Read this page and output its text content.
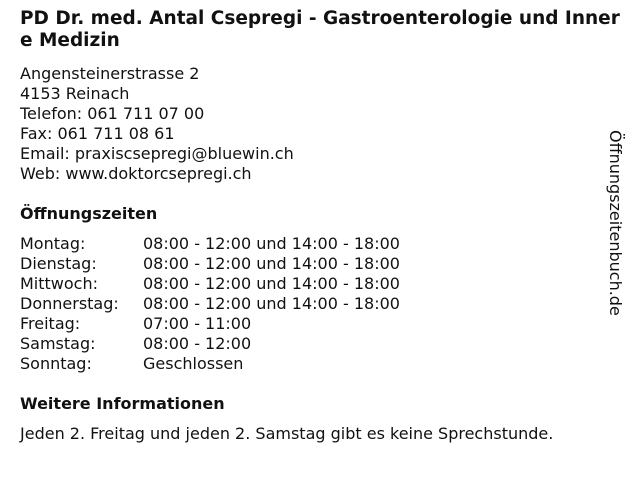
PD Dr. med. Antal Csepregi - Gastroenterologie und Innere Medizin
Angensteinerstrasse 2
4153 Reinach
Telefon: 061 711 07 00
Fax: 061 711 08 61
Email: praxiscsepregi@bluewin.ch
Web: www.doktorcsepregi.ch
Öffnungszeiten
Montag:	08:00 - 12:00 und 14:00 - 18:00
Dienstag:	08:00 - 12:00 und 14:00 - 18:00
Mittwoch:	08:00 - 12:00 und 14:00 - 18:00
Donnerstag: 08:00 - 12:00 und 14:00 - 18:00
Freitag:	07:00 - 11:00
Samstag:	08:00 - 12:00
Sonntag:	Geschlossen
Weitere Informationen
Jeden 2. Freitag und jeden 2. Samstag gibt es keine Sprechstunde.
Öffnungszeitenbuch.de
